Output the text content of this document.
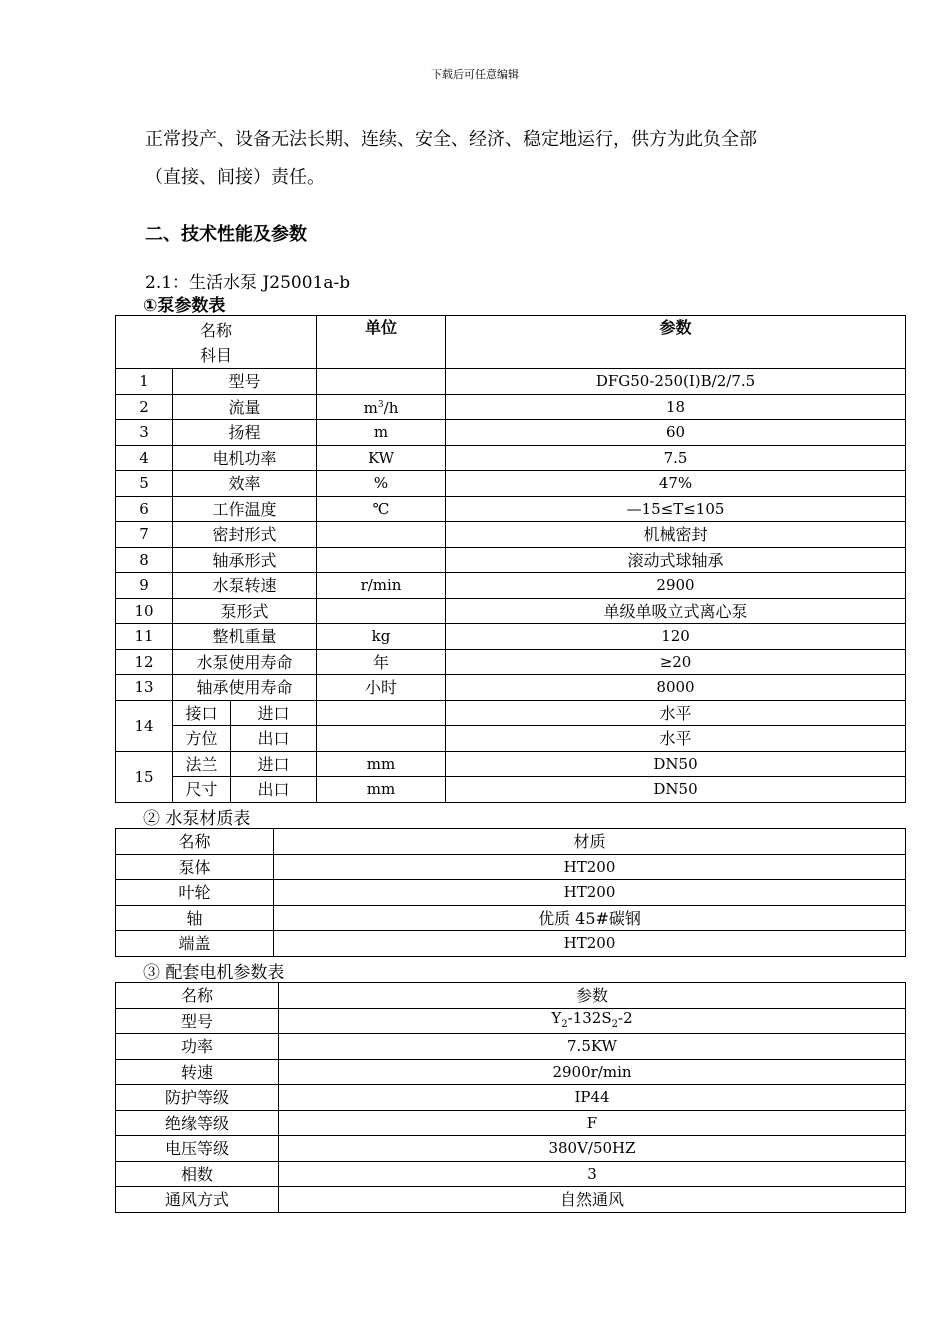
下载后可任意编辑
正常投产、设备无法长期、连续、安全、经济、稳定地运行，供方为此负全部
（直接、间接）责任。
二、技术性能及参数
2.1：生活水泵 J25001a-b
①泵参数表
名称
科目			单位	参数
1	型号			DFG50-250(Ⅰ)B/2/7.5
2	流量		$m^3/h$	18
3	扬程		m	60
4	电机功率		KW	7.5
5	效率		%	47%
6	工作温度		℃	—15≤T≤105
7	密封形式			机械密封
8	轴承形式			滚动式球轴承
9	水泵转速		r/min	2900
10	泵形式			单级单吸立式离心泵
11	整机重量		kg	120
12	水泵使用寿命		年	≥20
13	轴承使用寿命		小时	8000
14	接口	进口		水平
	方位	出口		水平
15	法兰	进口	mm	DN50
	尺寸	出口	mm	DN50
② 水泵材质表
名称	材质
泵体	HT200
叶轮	HT200
轴	优质 45#碳钢
端盖	HT200
③ 配套电机参数表
名称	参数
型号	$Y_2-132S_2-2$
功率	7.5KW
转速	2900r/min
防护等级	IP44
绝缘等级	F
电压等级	380V/50HZ
相数	3
通风方式	自然通风
